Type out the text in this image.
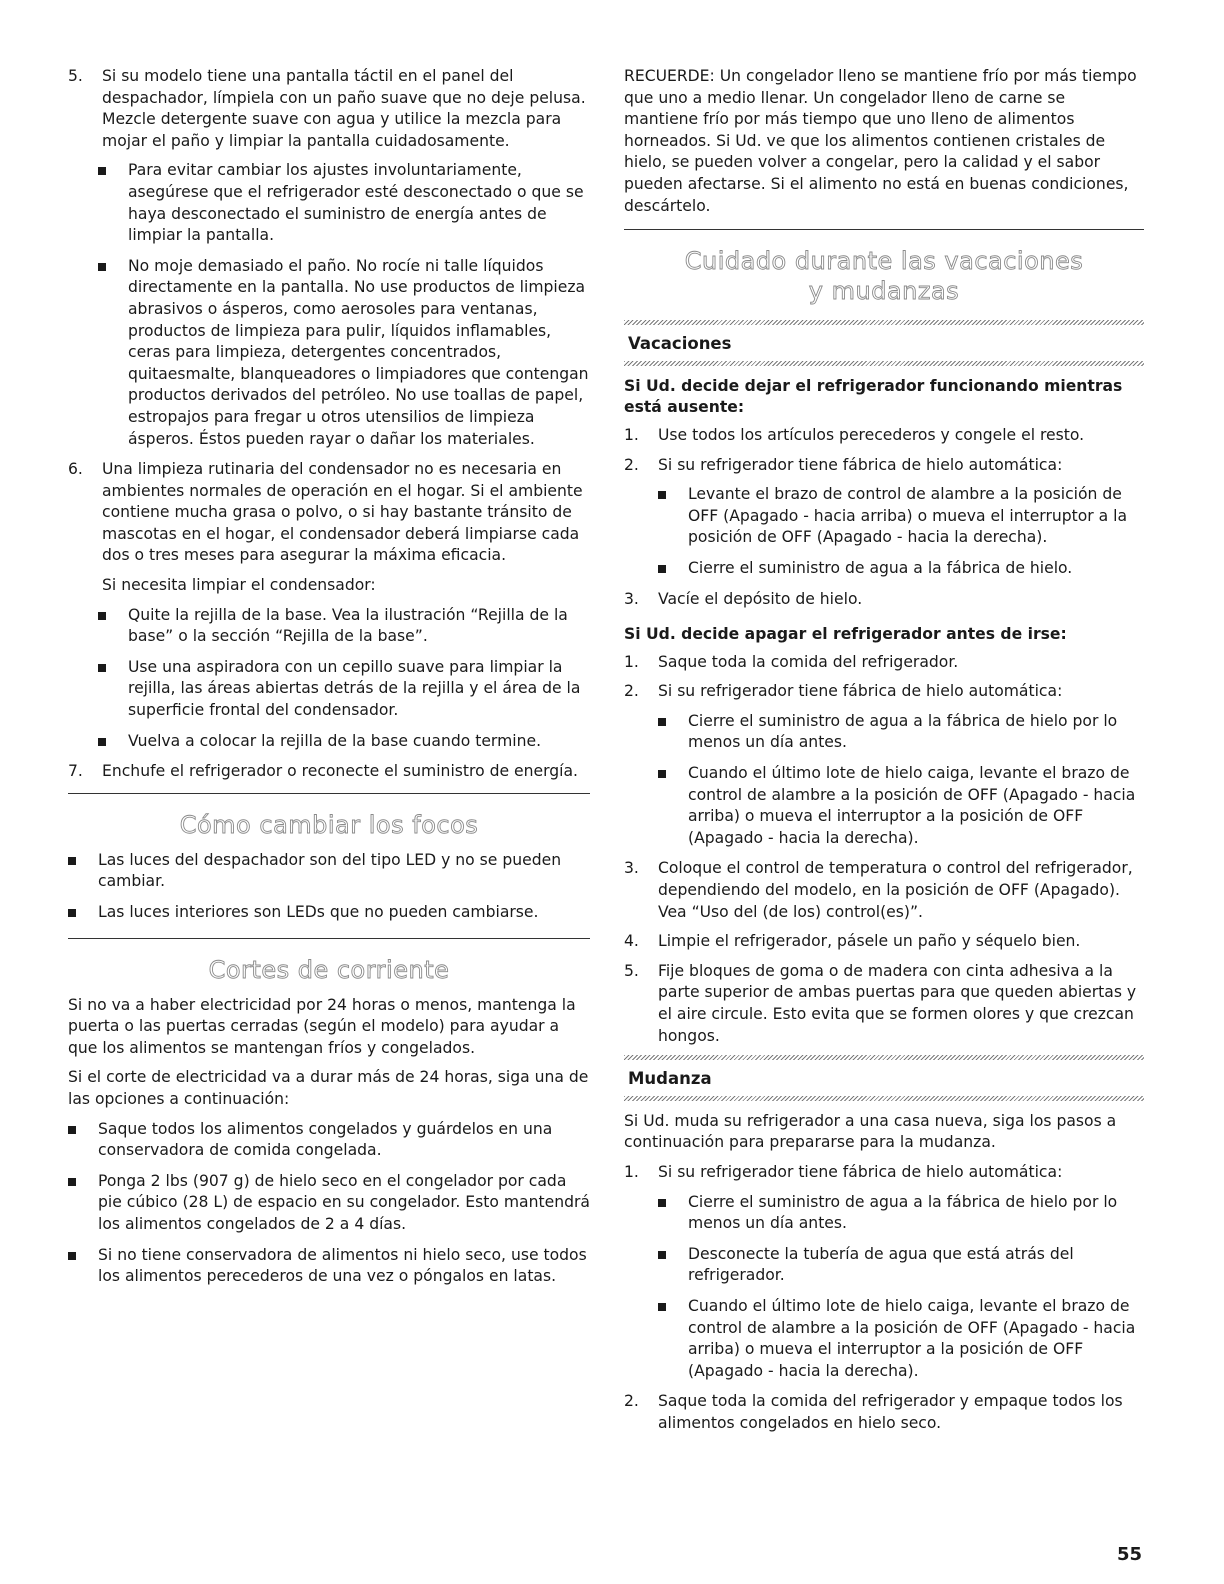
5. Si su modelo tiene una pantalla táctil en el panel del despachador, límpiela con un paño suave que no deje pelusa. Mezcle detergente suave con agua y utilice la mezcla para mojar el paño y limpiar la pantalla cuidadosamente.
Para evitar cambiar los ajustes involuntariamente, asegúrese que el refrigerador esté desconectado o que se haya desconectado el suministro de energía antes de limpiar la pantalla.
No moje demasiado el paño. No rocíe ni talle líquidos directamente en la pantalla. No use productos de limpieza abrasivos o ásperos, como aerosoles para ventanas, productos de limpieza para pulir, líquidos inflamables, ceras para limpieza, detergentes concentrados, quitaesmalte, blanqueadores o limpiadores que contengan productos derivados del petróleo. No use toallas de papel, estropajos para fregar u otros utensilios de limpieza ásperos. Éstos pueden rayar o dañar los materiales.
6. Una limpieza rutinaria del condensador no es necesaria en ambientes normales de operación en el hogar. Si el ambiente contiene mucha grasa o polvo, o si hay bastante tránsito de mascotas en el hogar, el condensador deberá limpiarse cada dos o tres meses para asegurar la máxima eficacia.

Si necesita limpiar el condensador:

Quite la rejilla de la base. Vea la ilustración “Rejilla de la base” o la sección “Rejilla de la base”.
Use una aspiradora con un cepillo suave para limpiar la rejilla, las áreas abiertas detrás de la rejilla y el área de la superficie frontal del condensador.
Vuelva a colocar la rejilla de la base cuando termine.
7. Enchufe el refrigerador o reconecte el suministro de energía.
Cómo cambiar los focos
Las luces del despachador son del tipo LED y no se pueden cambiar.
Las luces interiores son LEDs que no pueden cambiarse.
Cortes de corriente

Si no va a haber electricidad por 24 horas o menos, mantenga la puerta o las puertas cerradas (según el modelo) para ayudar a que los alimentos se mantengan fríos y congelados.

Si el corte de electricidad va a durar más de 24 horas, siga una de las opciones a continuación:

Saque todos los alimentos congelados y guárdelos en una conservadora de comida congelada.
Ponga 2 lbs (907 g) de hielo seco en el congelador por cada pie cúbico (28 L) de espacio en su congelador. Esto mantendrá los alimentos congelados de 2 a 4 días.
Si no tiene conservadora de alimentos ni hielo seco, use todos los alimentos perecederos de una vez o póngalos en latas.

RECUERDE: Un congelador lleno se mantiene frío por más tiempo que uno a medio llenar. Un congelador lleno de carne se mantiene frío por más tiempo que uno lleno de alimentos horneados. Si Ud. ve que los alimentos contienen cristales de hielo, se pueden volver a congelar, pero la calidad y el sabor pueden afectarse. Si el alimento no está en buenas condiciones, descártelo.

Cuidado durante las vacaciones
y mudanzas
Vacaciones
Si Ud. decide dejar el refrigerador funcionando mientras está ausente:
1. Use todos los artículos perecederos y congele el resto.
2. Si su refrigerador tiene fábrica de hielo automática:
Levante el brazo de control de alambre a la posición de OFF (Apagado - hacia arriba) o mueva el interruptor a la posición de OFF (Apagado - hacia la derecha).
Cierre el suministro de agua a la fábrica de hielo.
3. Vacíe el depósito de hielo.
Si Ud. decide apagar el refrigerador antes de irse:
1. Saque toda la comida del refrigerador.
2. Si su refrigerador tiene fábrica de hielo automática:
Cierre el suministro de agua a la fábrica de hielo por lo menos un día antes.
Cuando el último lote de hielo caiga, levante el brazo de control de alambre a la posición de OFF (Apagado - hacia arriba) o mueva el interruptor a la posición de OFF (Apagado - hacia la derecha).
3. Coloque el control de temperatura o control del refrigerador, dependiendo del modelo, en la posición de OFF (Apagado). Vea “Uso del (de los) control(es)”.
4. Limpie el refrigerador, pásele un paño y séquelo bien.
5. Fije bloques de goma o de madera con cinta adhesiva a la parte superior de ambas puertas para que queden abiertas y el aire circule. Esto evita que se formen olores y que crezcan hongos.
Mudanza

Si Ud. muda su refrigerador a una casa nueva, siga los pasos a continuación para prepararse para la mudanza.

1. Si su refrigerador tiene fábrica de hielo automática:
Cierre el suministro de agua a la fábrica de hielo por lo menos un día antes.
Desconecte la tubería de agua que está atrás del refrigerador.
Cuando el último lote de hielo caiga, levante el brazo de control de alambre a la posición de OFF (Apagado - hacia arriba) o mueva el interruptor a la posición de OFF (Apagado - hacia la derecha).
2. Saque toda la comida del refrigerador y empaque todos los alimentos congelados en hielo seco.
55
